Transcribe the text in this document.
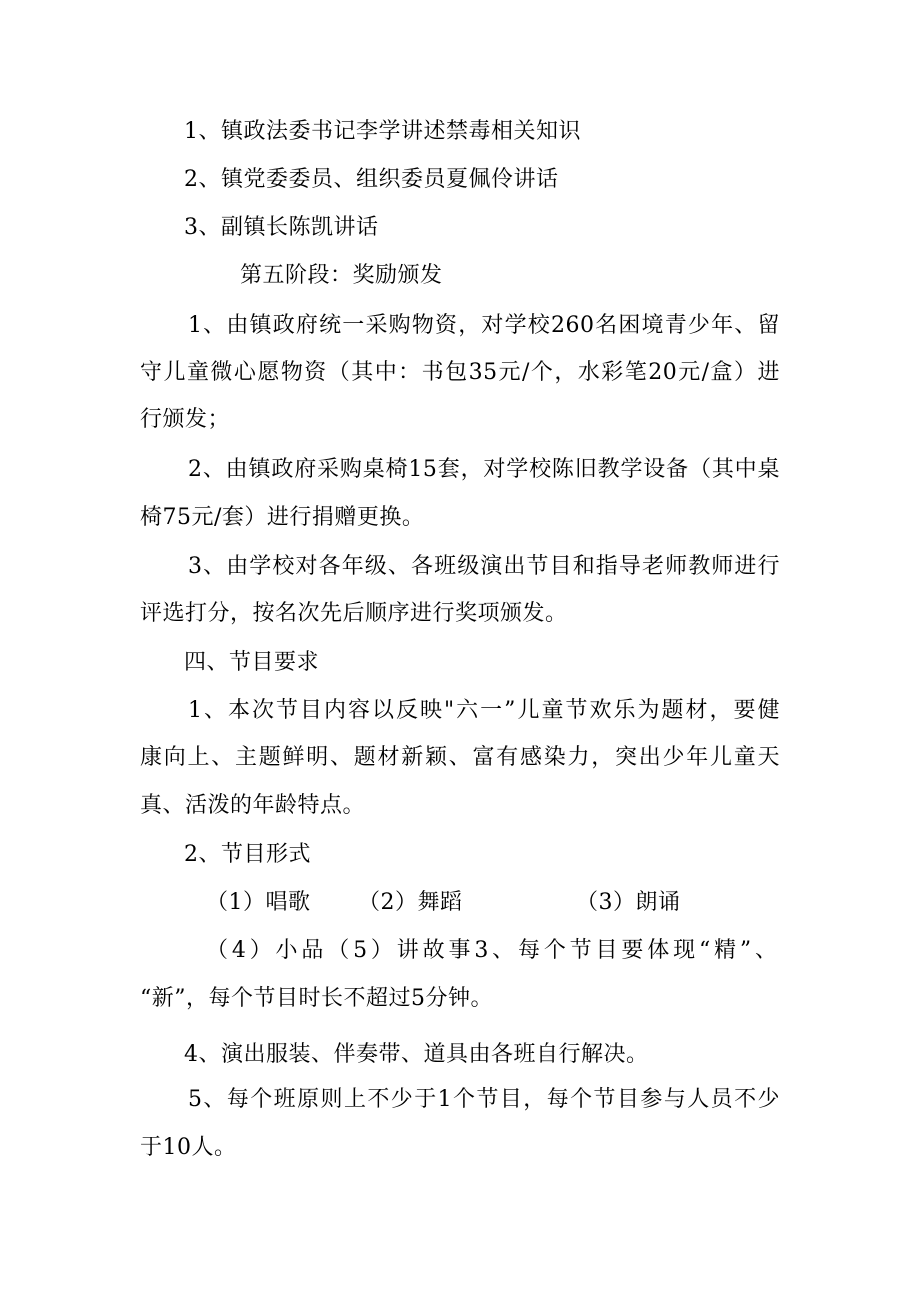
1、镇政法委书记李学讲述禁毒相关知识
2、镇党委委员、组织委员夏佩伶讲话
3、副镇长陈凯讲话
第五阶段：奖励颁发
1、由镇政府统一采购物资，对学校260名困境青少年、留
守儿童微心愿物资（其中：书包35元/个，水彩笔20元/盒）进
行颁发；
2、由镇政府采购桌椅15套，对学校陈旧教学设备（其中桌
椅75元/套）进行捐赠更换。
3、由学校对各年级、各班级演出节目和指导老师教师进行
评选打分，按名次先后顺序进行奖项颁发。
四、节目要求
1、本次节目内容以反映"六一”儿童节欢乐为题材，要健
康向上、主题鲜明、题材新颖、富有感染力，突出少年儿童天
真、活泼的年龄特点。
2、节目形式
（1）唱歌 （2）舞蹈	（3）朗诵
（4）小品（5）讲故事3、每个节目要体现“精”、
“新”，每个节目时长不超过5分钟。
4、演出服装、伴奏带、道具由各班自行解决。
5、每个班原则上不少于1个节目，每个节目参与人员不少
于10人。
